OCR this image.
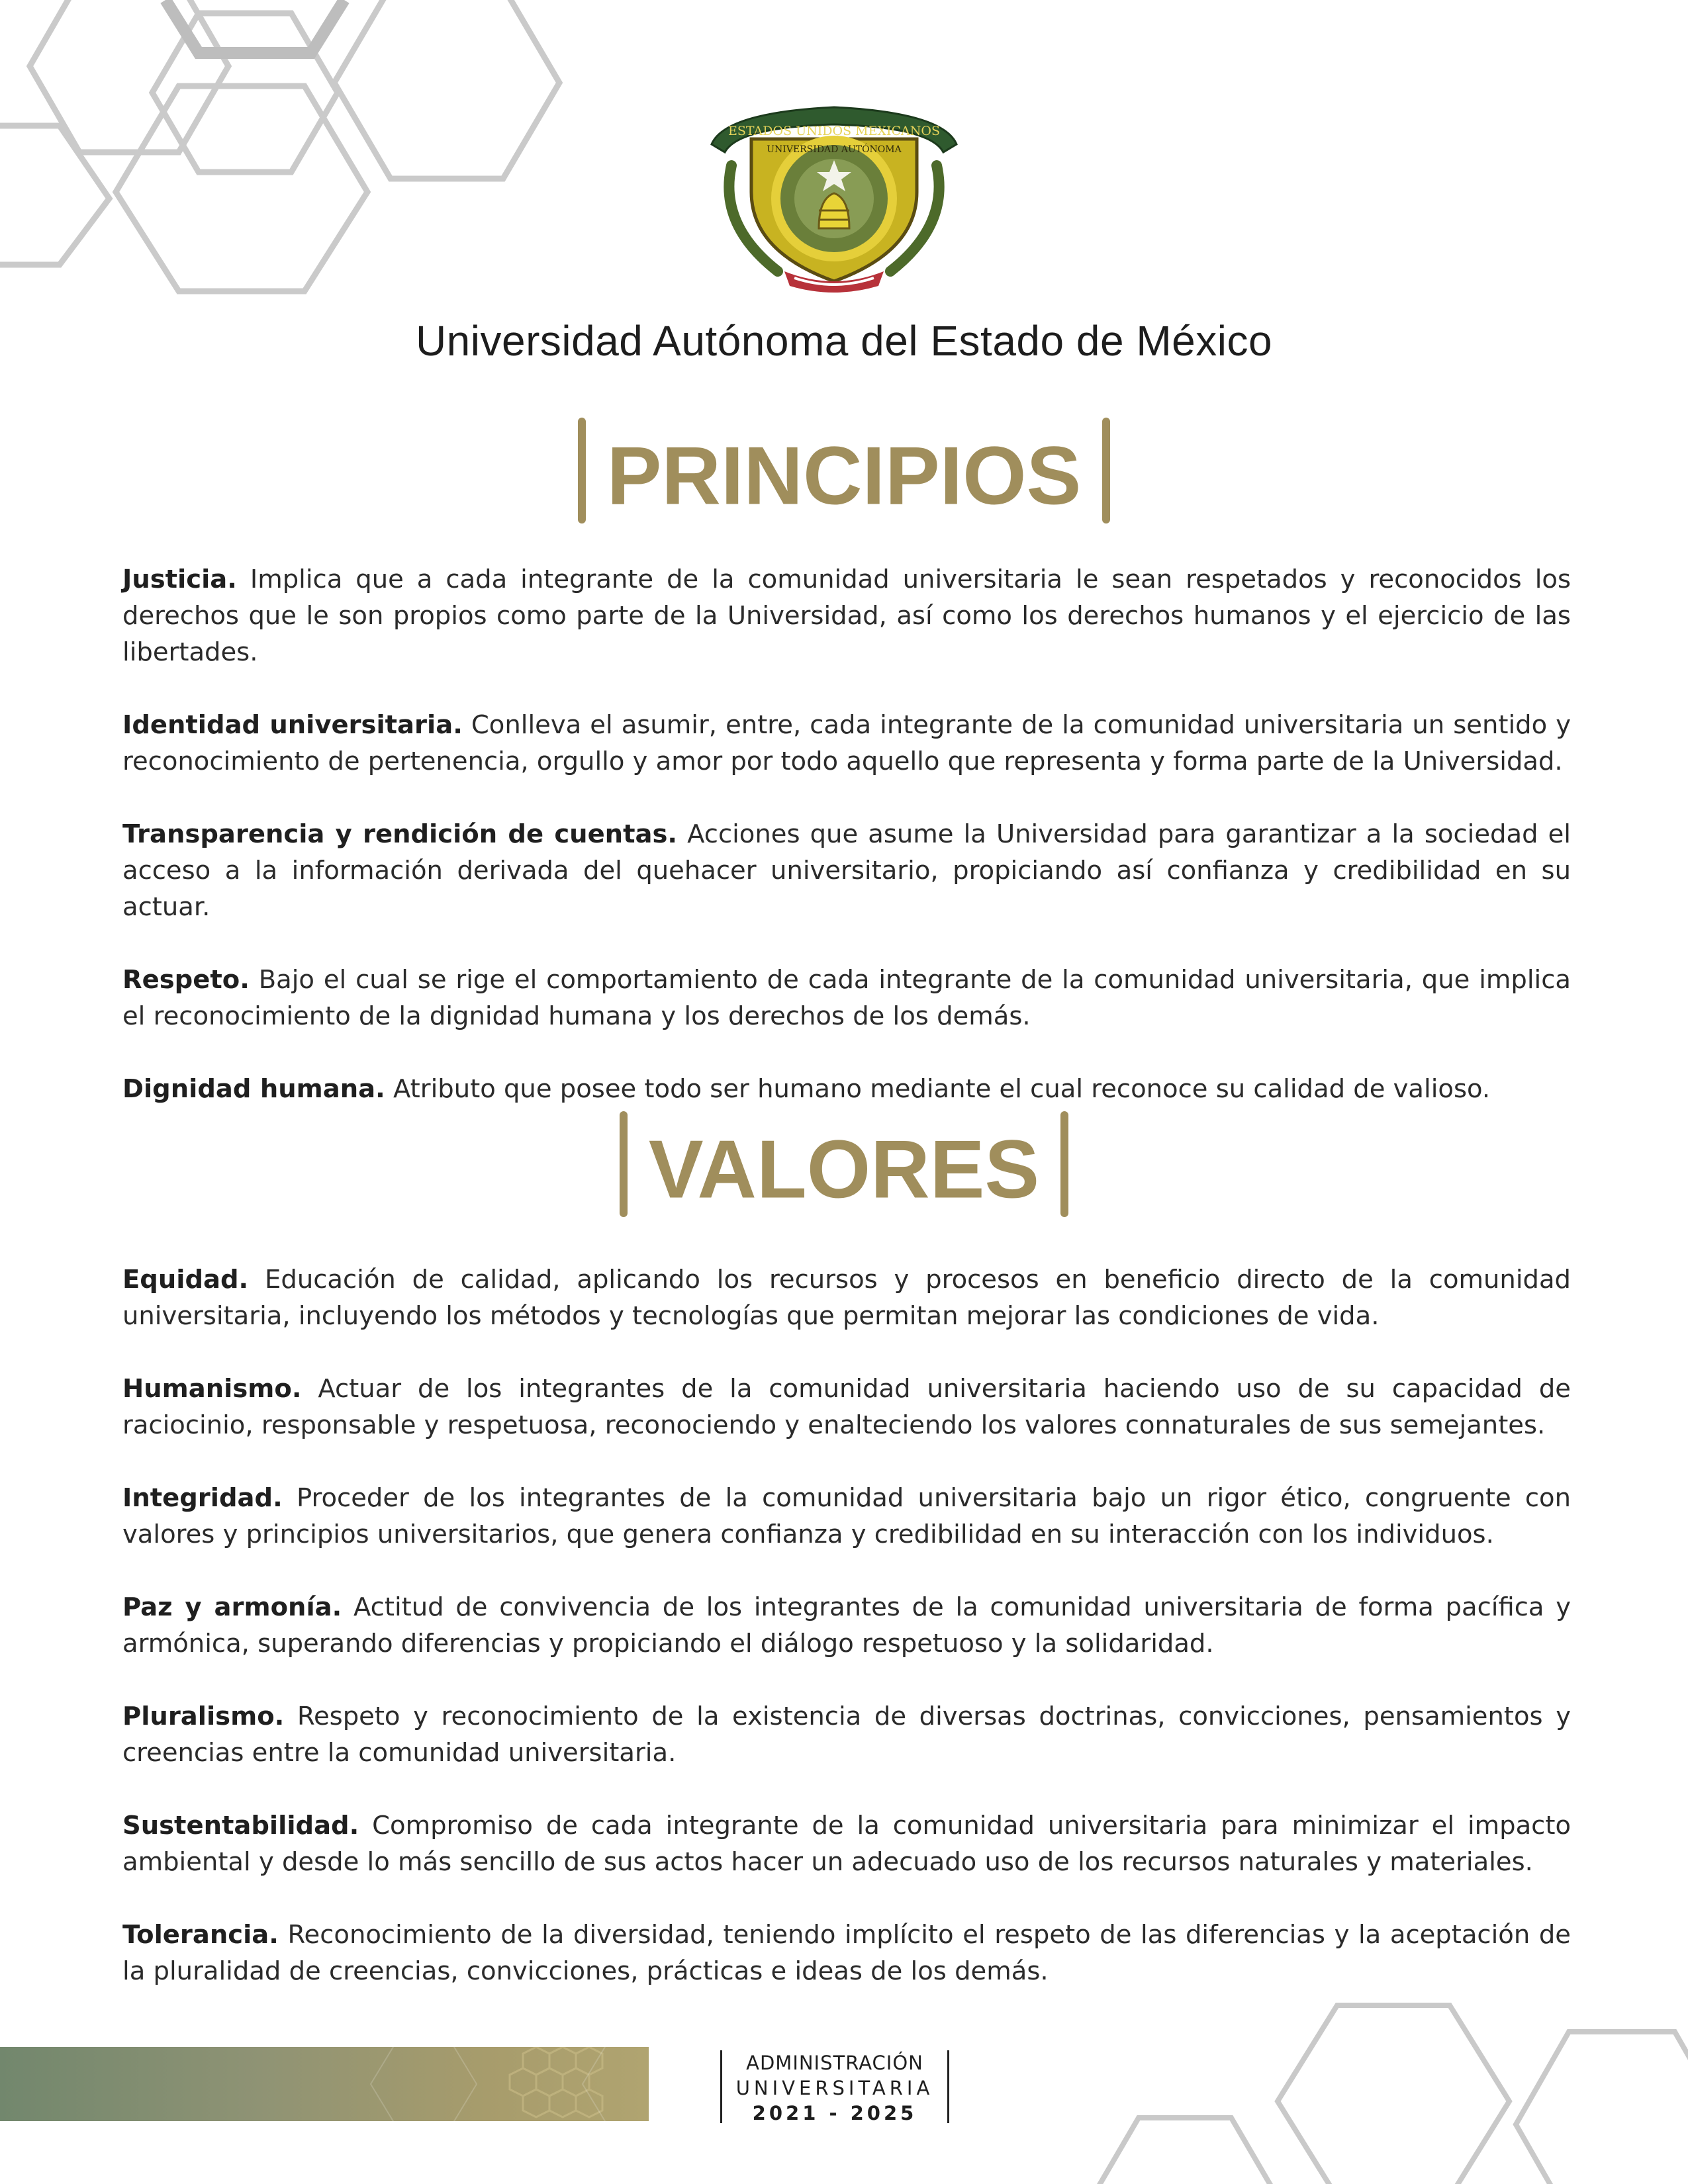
ESTADOS UNIDOS MEXICANOS
UNIVERSIDAD AUTÓNOMA
Universidad Autónoma del Estado de México
PRINCIPIOS

Justicia. Implica que a cada integrante de la comunidad universitaria le sean respetados y reconocidos los derechos que le son propios como parte de la Universidad, así como los derechos humanos y el ejercicio de las libertades.

Identidad universitaria. Conlleva el asumir, entre, cada integrante de la comunidad universitaria un sentido y reconocimiento de pertenencia, orgullo y amor por todo aquello que representa y forma parte de la Universidad.

Transparencia y rendición de cuentas. Acciones que asume la Universidad para garantizar a la sociedad el acceso a la información derivada del quehacer universitario, propiciando así confianza y credibilidad en su actuar.

Respeto. Bajo el cual se rige el comportamiento de cada integrante de la comunidad universitaria, que implica el reconocimiento de la dignidad humana y los derechos de los demás.

Dignidad humana. Atributo que posee todo ser humano mediante el cual reconoce su calidad de valioso.

VALORES

Equidad. Educación de calidad, aplicando los recursos y procesos en beneficio directo de la comunidad universitaria, incluyendo los métodos y tecnologías que permitan mejorar las condiciones de vida.

Humanismo. Actuar de los integrantes de la comunidad universitaria haciendo uso de su capacidad de raciocinio, responsable y respetuosa, reconociendo y enalteciendo los valores connaturales de sus semejantes.

Integridad. Proceder de los integrantes de la comunidad universitaria bajo un rigor ético, congruente con valores y principios universitarios, que genera confianza y credibilidad en su interacción con los individuos.

Paz y armonía. Actitud de convivencia de los integrantes de la comunidad universitaria de forma pacífica y armónica, superando diferencias y propiciando el diálogo respetuoso y la solidaridad.

Pluralismo. Respeto y reconocimiento de la existencia de diversas doctrinas, convicciones, pensamientos y creencias entre la comunidad universitaria.

Sustentabilidad. Compromiso de cada integrante de la comunidad universitaria para minimizar el impacto ambiental y desde lo más sencillo de sus actos hacer un adecuado uso de los recursos naturales y materiales.

Tolerancia. Reconocimiento de la diversidad, teniendo implícito el respeto de las diferencias y la aceptación de la pluralidad de creencias, convicciones, prácticas e ideas de los demás.

ADMINISTRACIÓN
UNIVERSITARIA
2021 - 2025
